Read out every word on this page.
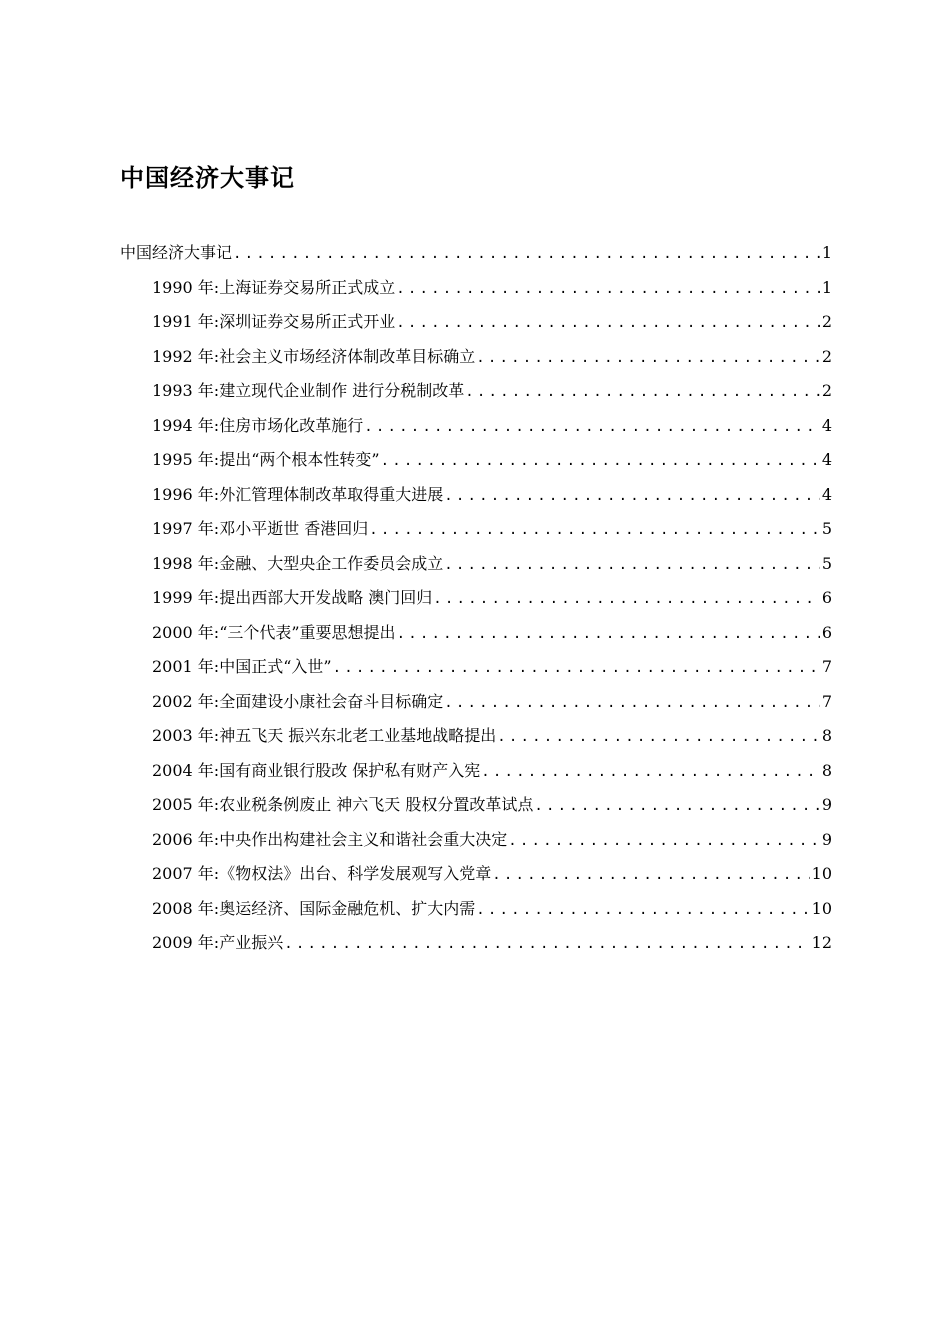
中国经济大事记
中国经济大事记 .....	1
1990 年:上海证券交易所正式成立 .....	1
1991 年:深圳证券交易所正式开业 .....	2
1992 年:社会主义市场经济体制改革目标确立 .....	2
1993 年:建立现代企业制作 进行分税制改革 .....	2
1994 年:住房市场化改革施行 .....	4
1995 年:提出“两个根本性转变” .....	4
1996 年:外汇管理体制改革取得重大进展 .....	4
1997 年:邓小平逝世 香港回归 .....	5
1998 年:金融、大型央企工作委员会成立 .....	5
1999 年:提出西部大开发战略 澳门回归 .....	6
2000 年:“三个代表”重要思想提出 .....	6
2001 年:中国正式“入世” .....	7
2002 年:全面建设小康社会奋斗目标确定 .....	7
2003 年:神五飞天 振兴东北老工业基地战略提出 .....	8
2004 年:国有商业银行股改 保护私有财产入宪 .....	8
2005 年:农业税条例废止 神六飞天 股权分置改革试点 .....	9
2006 年:中央作出构建社会主义和谐社会重大决定 .....	9
2007 年:《物权法》出台、科学发展观写入党章 .....	10
2008 年:奥运经济、国际金融危机、扩大内需 .....	10
2009 年:产业振兴 .....	12
